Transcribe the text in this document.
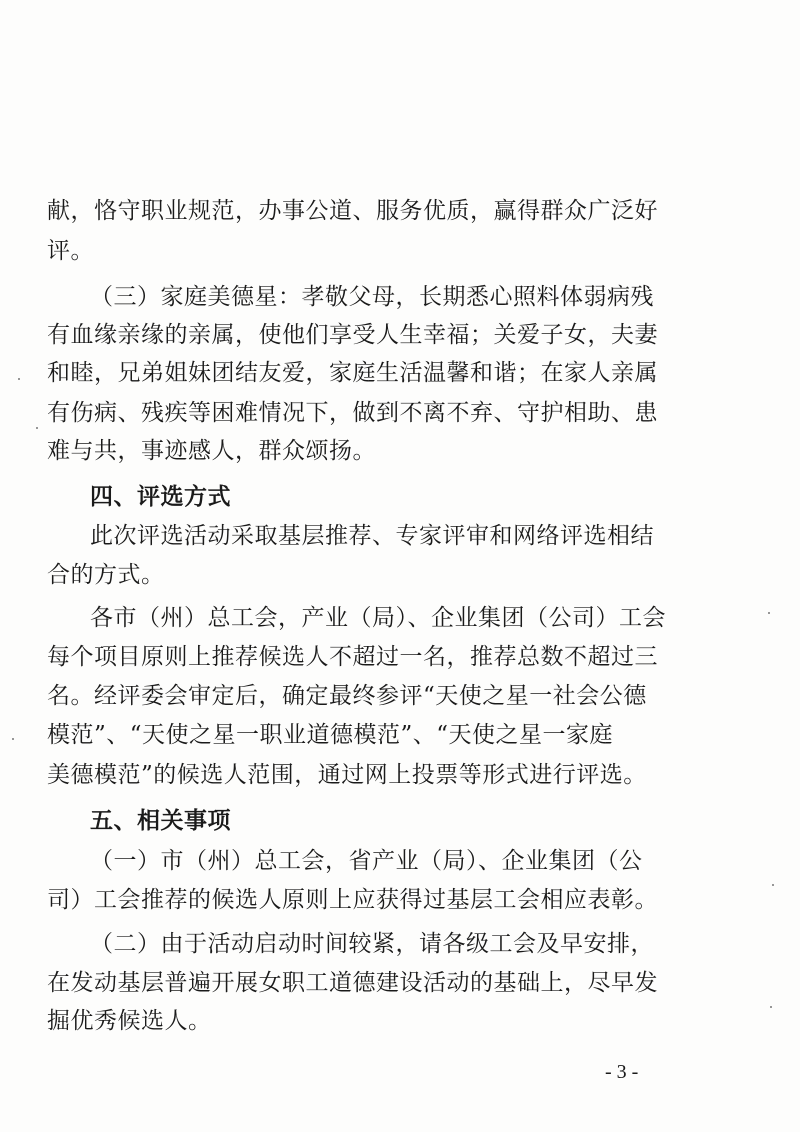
献，恪守职业规范，办事公道、服务优质，赢得群众广泛好
评。
（三）家庭美德星：孝敬父母，长期悉心照料体弱病残
有血缘亲缘的亲属，使他们享受人生幸福；关爱子女，夫妻
和睦，兄弟姐妹团结友爱，家庭生活温馨和谐；在家人亲属
有伤病、残疾等困难情况下，做到不离不弃、守护相助、患
难与共，事迹感人，群众颂扬。
四、评选方式
此次评选活动采取基层推荐、专家评审和网络评选相结
合的方式。
各市（州）总工会，产业（局）、企业集团（公司）工会
每个项目原则上推荐候选人不超过一名，推荐总数不超过三
名。经评委会审定后，确定最终参评“天使之星一社会公德
模范”、“天使之星一职业道德模范”、“天使之星一家庭
美德模范”的候选人范围，通过网上投票等形式进行评选。
五、相关事项
（一）市（州）总工会，省产业（局）、企业集团（公
司）工会推荐的候选人原则上应获得过基层工会相应表彰。
（二）由于活动启动时间较紧，请各级工会及早安排，
在发动基层普遍开展女职工道德建设活动的基础上，尽早发
掘优秀候选人。
- 3 -
